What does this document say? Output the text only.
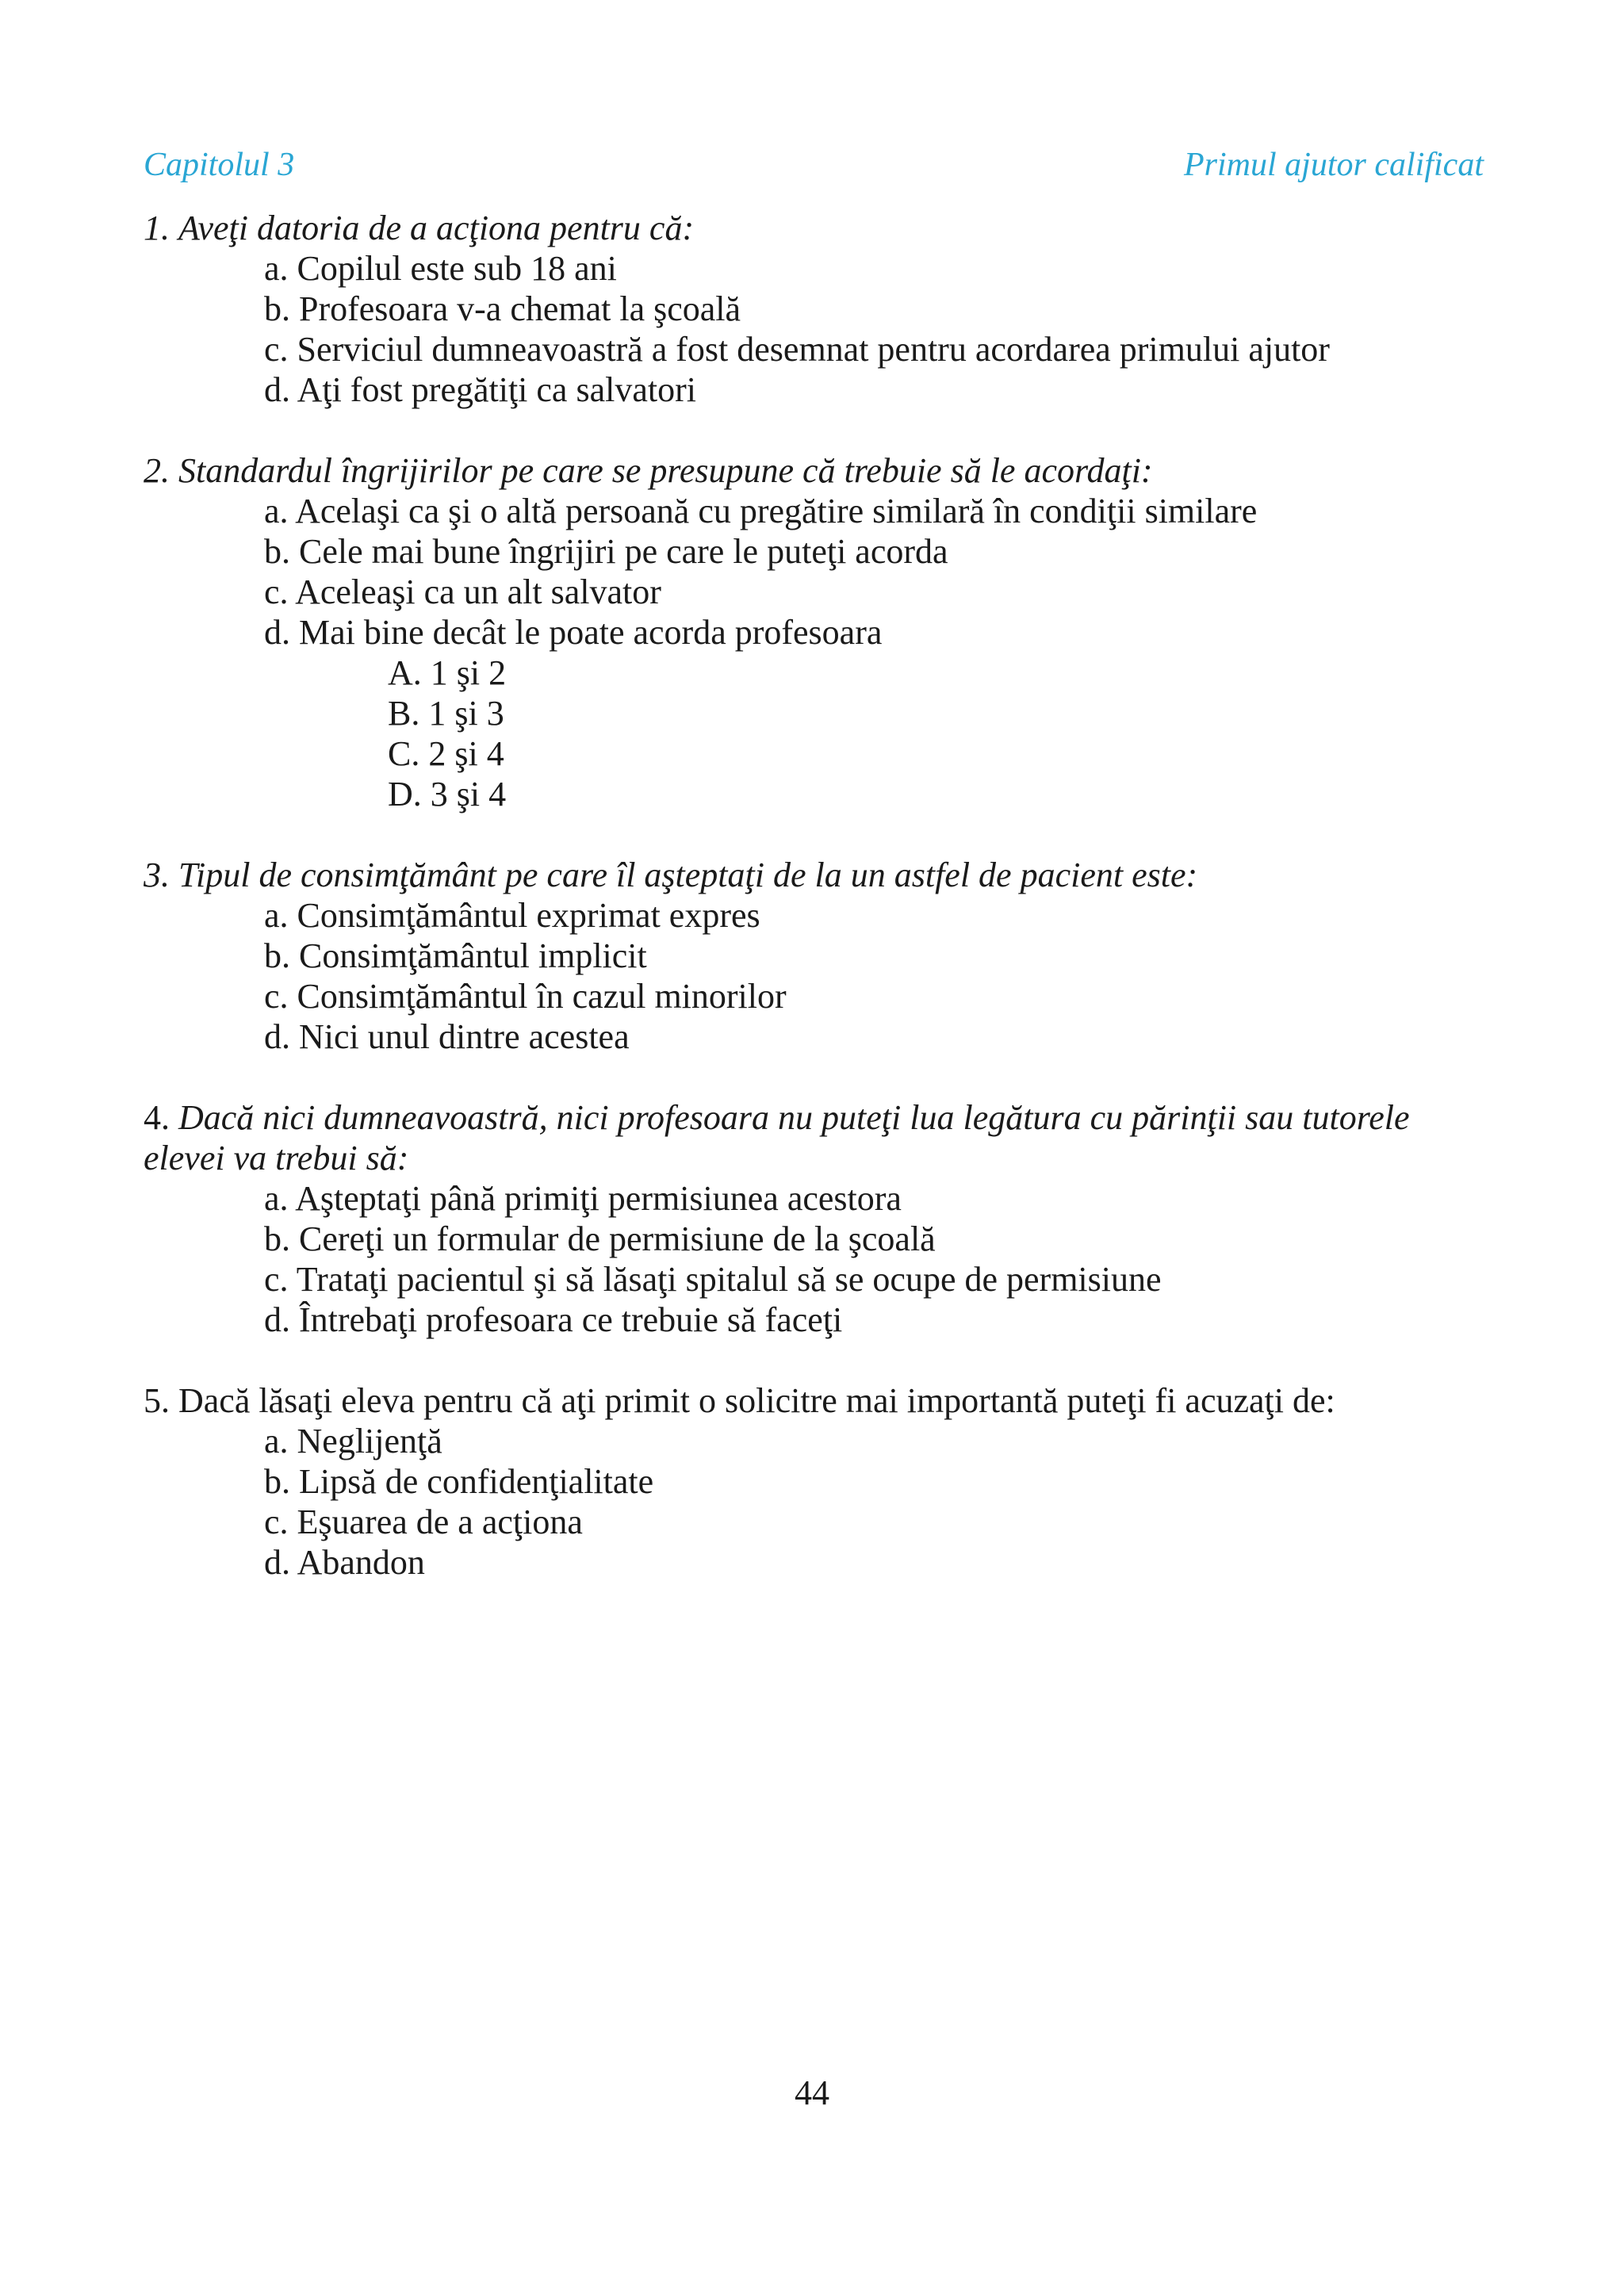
Capitolul 3	Primul ajutor calificat
1. Aveţi datoria de a acţiona pentru că:
a. Copilul este sub 18 ani
b. Profesoara v-a chemat la şcoală
c. Serviciul dumneavoastră a fost desemnat pentru acordarea primului ajutor
d. Aţi fost pregătiţi ca salvatori
2. Standardul îngrijirilor pe care se presupune că trebuie să le acordaţi:
a. Acelaşi ca şi o altă persoană cu pregătire similară în condiţii similare
b. Cele mai bune îngrijiri pe care le puteţi acorda
c. Aceleaşi ca un alt salvator
d. Mai bine decât le poate acorda profesoara
A. 1 şi 2
B. 1 şi 3
C. 2 şi 4
D. 3 şi 4
3. Tipul de consimţământ pe care îl aşteptaţi de la un astfel de pacient este:
a. Consimţământul exprimat expres
b. Consimţământul implicit
c. Consimţământul în cazul minorilor
d. Nici unul dintre acestea
4. Dacă nici dumneavoastră, nici profesoara nu puteţi lua legătura cu părinţii sau tutorele elevei va trebui să:
a. Aşteptaţi până primiţi permisiunea acestora
b. Cereţi un formular de permisiune de la şcoală
c. Trataţi pacientul şi să lăsaţi spitalul să se ocupe de permisiune
d. Întrebaţi profesoara ce trebuie să faceţi
5. Dacă lăsaţi eleva pentru că aţi primit o solicitre mai importantă puteţi fi acuzaţi de:
a. Neglijenţă
b. Lipsă de confidenţialitate
c. Eşuarea de a acţiona
d. Abandon
44
